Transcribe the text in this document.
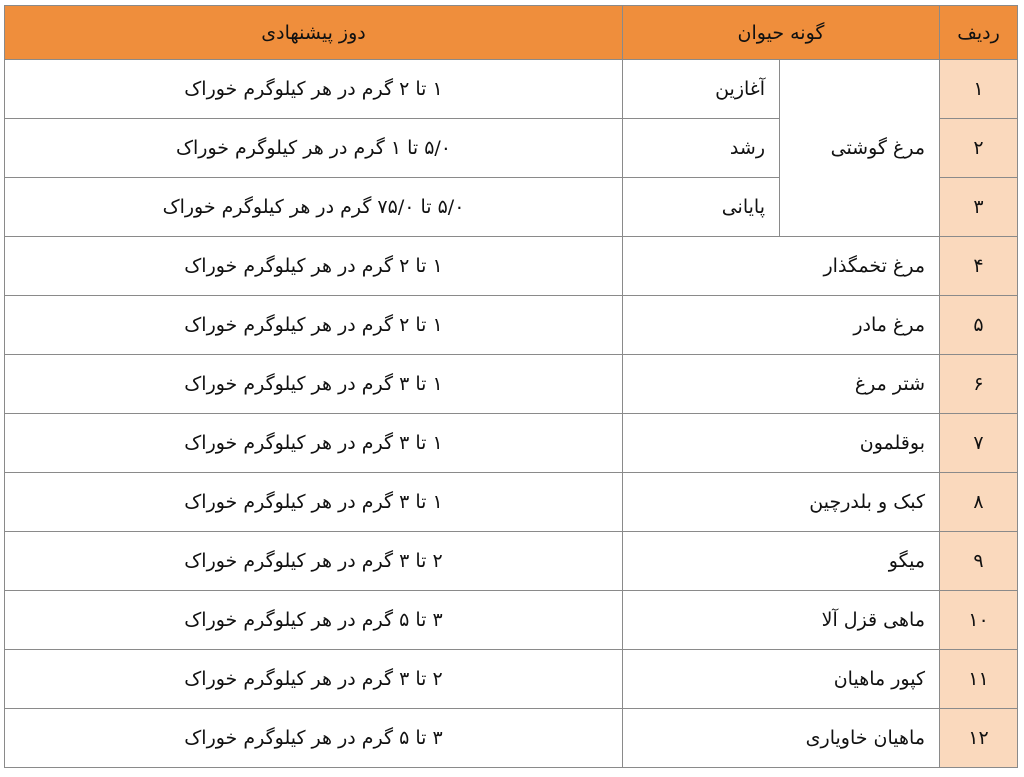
ردیف	گونه حیوان		دوز پیشنهادی
۱	مرغ گوشتی	آغازین	۱ تا ۲ گرم در هر کیلوگرم خوراک
۲		رشد	۵/۰ تا ۱ گرم در هر کیلوگرم خوراک
۳		پایانی	۵/۰ تا ۷۵/۰ گرم در هر کیلوگرم خوراک
۴	مرغ تخمگذار		۱ تا ۲ گرم در هر کیلوگرم خوراک
۵	مرغ مادر		۱ تا ۲ گرم در هر کیلوگرم خوراک
۶	شتر مرغ		۱ تا ۳ گرم در هر کیلوگرم خوراک
۷	بوقلمون		۱ تا ۳ گرم در هر کیلوگرم خوراک
۸	کبک و بلدرچین		۱ تا ۳ گرم در هر کیلوگرم خوراک
۹	میگو		۲ تا ۳ گرم در هر کیلوگرم خوراک
۱۰	ماهی قزل آلا		۳ تا ۵ گرم در هر کیلوگرم خوراک
۱۱	کپور ماهیان		۲ تا ۳ گرم در هر کیلوگرم خوراک
۱۲	ماهیان خاویاری		۳ تا ۵ گرم در هر کیلوگرم خوراک
